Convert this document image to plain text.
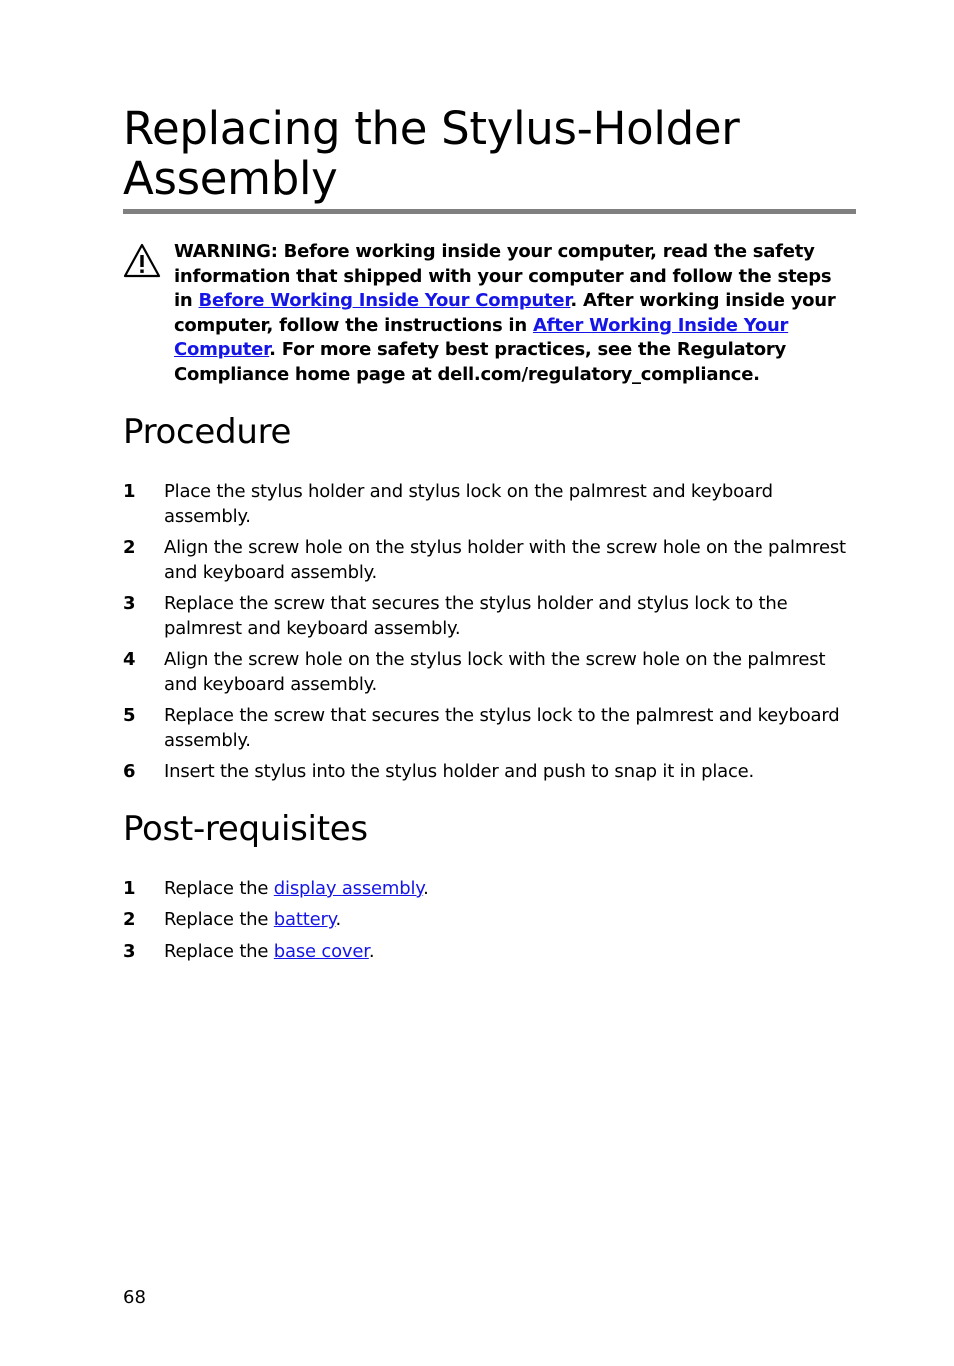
Replacing the Stylus-Holder Assembly

WARNING: Before working inside your computer, read the safety information that shipped with your computer and follow the steps in Before Working Inside Your Computer. After working inside your computer, follow the instructions in After Working Inside Your Computer. For more safety best practices, see the Regulatory Compliance home page at dell.com/regulatory_compliance.

Procedure
1 Place the stylus holder and stylus lock on the palmrest and keyboard assembly.
2 Align the screw hole on the stylus holder with the screw hole on the palmrest and keyboard assembly.
3 Replace the screw that secures the stylus holder and stylus lock to the palmrest and keyboard assembly.
4 Align the screw hole on the stylus lock with the screw hole on the palmrest and keyboard assembly.
5 Replace the screw that secures the stylus lock to the palmrest and keyboard assembly.
6 Insert the stylus into the stylus holder and push to snap it in place.
Post-requisites
1 Replace the display assembly.
2 Replace the battery.
3 Replace the base cover.
68
